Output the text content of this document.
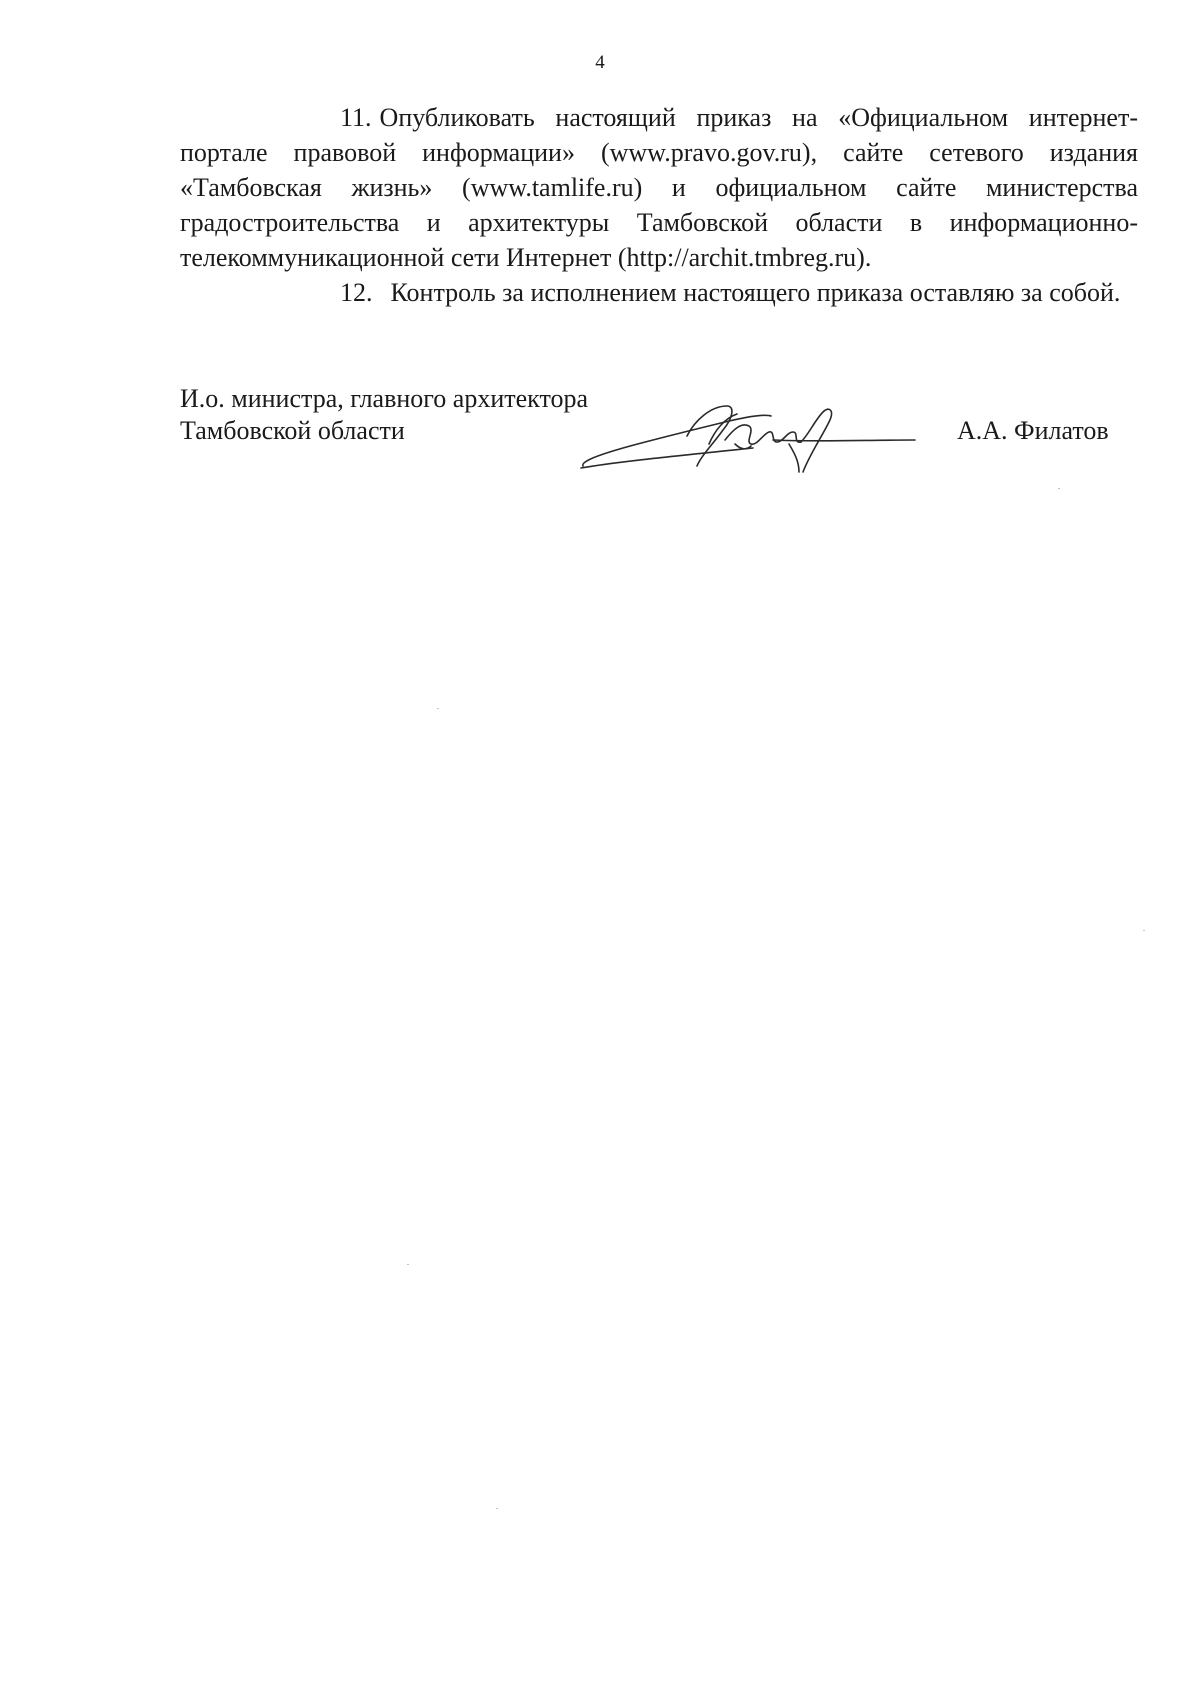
4

11. Опубликовать настоящий приказ на «Официальном интернет-портале правовой информации» (www.pravo.gov.ru), сайте сетевого издания «Тамбовская жизнь» (www.tamlife.ru) и официальном сайте министерства градостроительства и архитектуры Тамбовской области в информационно-телекоммуникационной сети Интернет (http://archit.tmbreg.ru).

12. Контроль за исполнением настоящего приказа оставляю за собой.

И.о. министра, главного архитектора
Тамбовской области	А.А. Филатов
